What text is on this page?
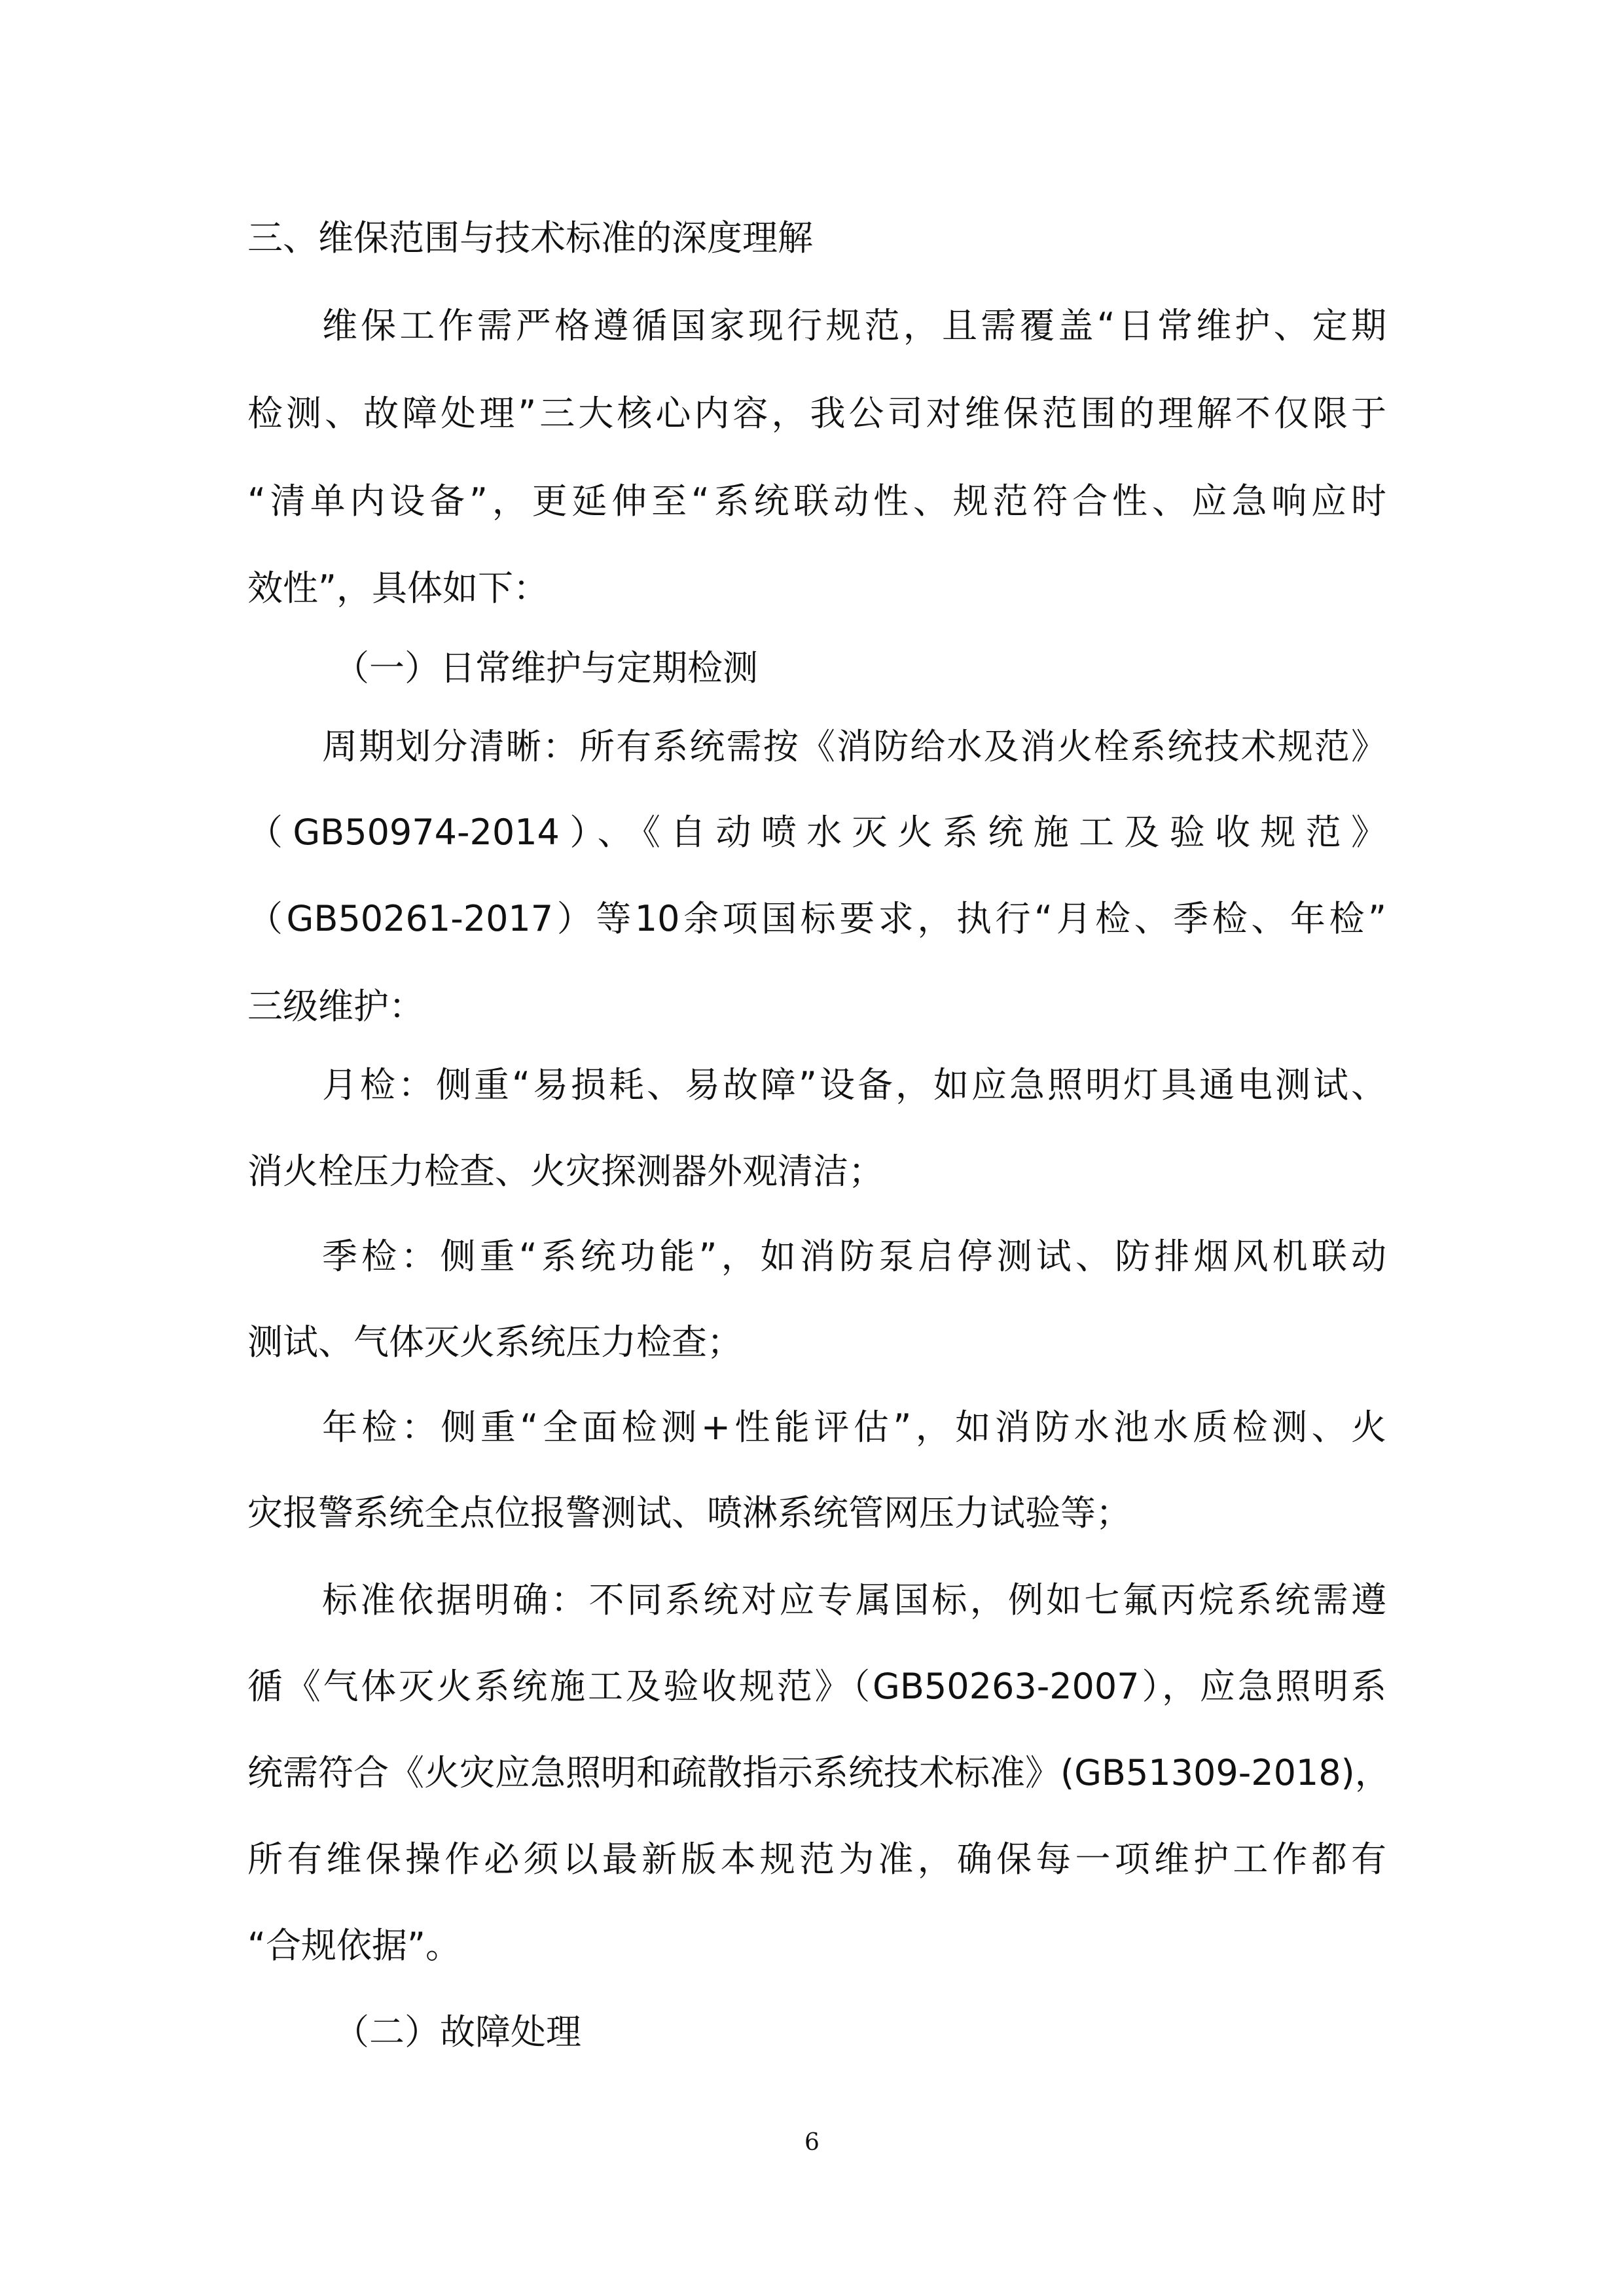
三、维保范围与技术标准的深度理解
维保工作需严格遵循国家现行规范，且需覆盖“日常维护、定期
检测、故障处理”三大核心内容，我公司对维保范围的理解不仅限于
“清单内设备”，更延伸至“系统联动性、规范符合性、应急响应时
效性”，具体如下：
（一）日常维护与定期检测
周期划分清晰：所有系统需按《消防给水及消火栓系统技术规范》
（GB50974-2014）、《自动喷水灭火系统施工及验收规范》
（GB50261-2017）等10余项国标要求，执行“月检、季检、年检”
三级维护：
月检：侧重“易损耗、易故障”设备，如应急照明灯具通电测试、
消火栓压力检查、火灾探测器外观清洁；
季检：侧重“系统功能”，如消防泵启停测试、防排烟风机联动
测试、气体灭火系统压力检查；
年检：侧重“全面检测+性能评估”，如消防水池水质检测、火
灾报警系统全点位报警测试、喷淋系统管网压力试验等；
标准依据明确：不同系统对应专属国标，例如七氟丙烷系统需遵
循《气体灭火系统施工及验收规范》（GB50263-2007），应急照明系
统需符合《火灾应急照明和疏散指示系统技术标准》(GB51309-2018)，
所有维保操作必须以最新版本规范为准，确保每一项维护工作都有
“合规依据”。
（二）故障处理
6
